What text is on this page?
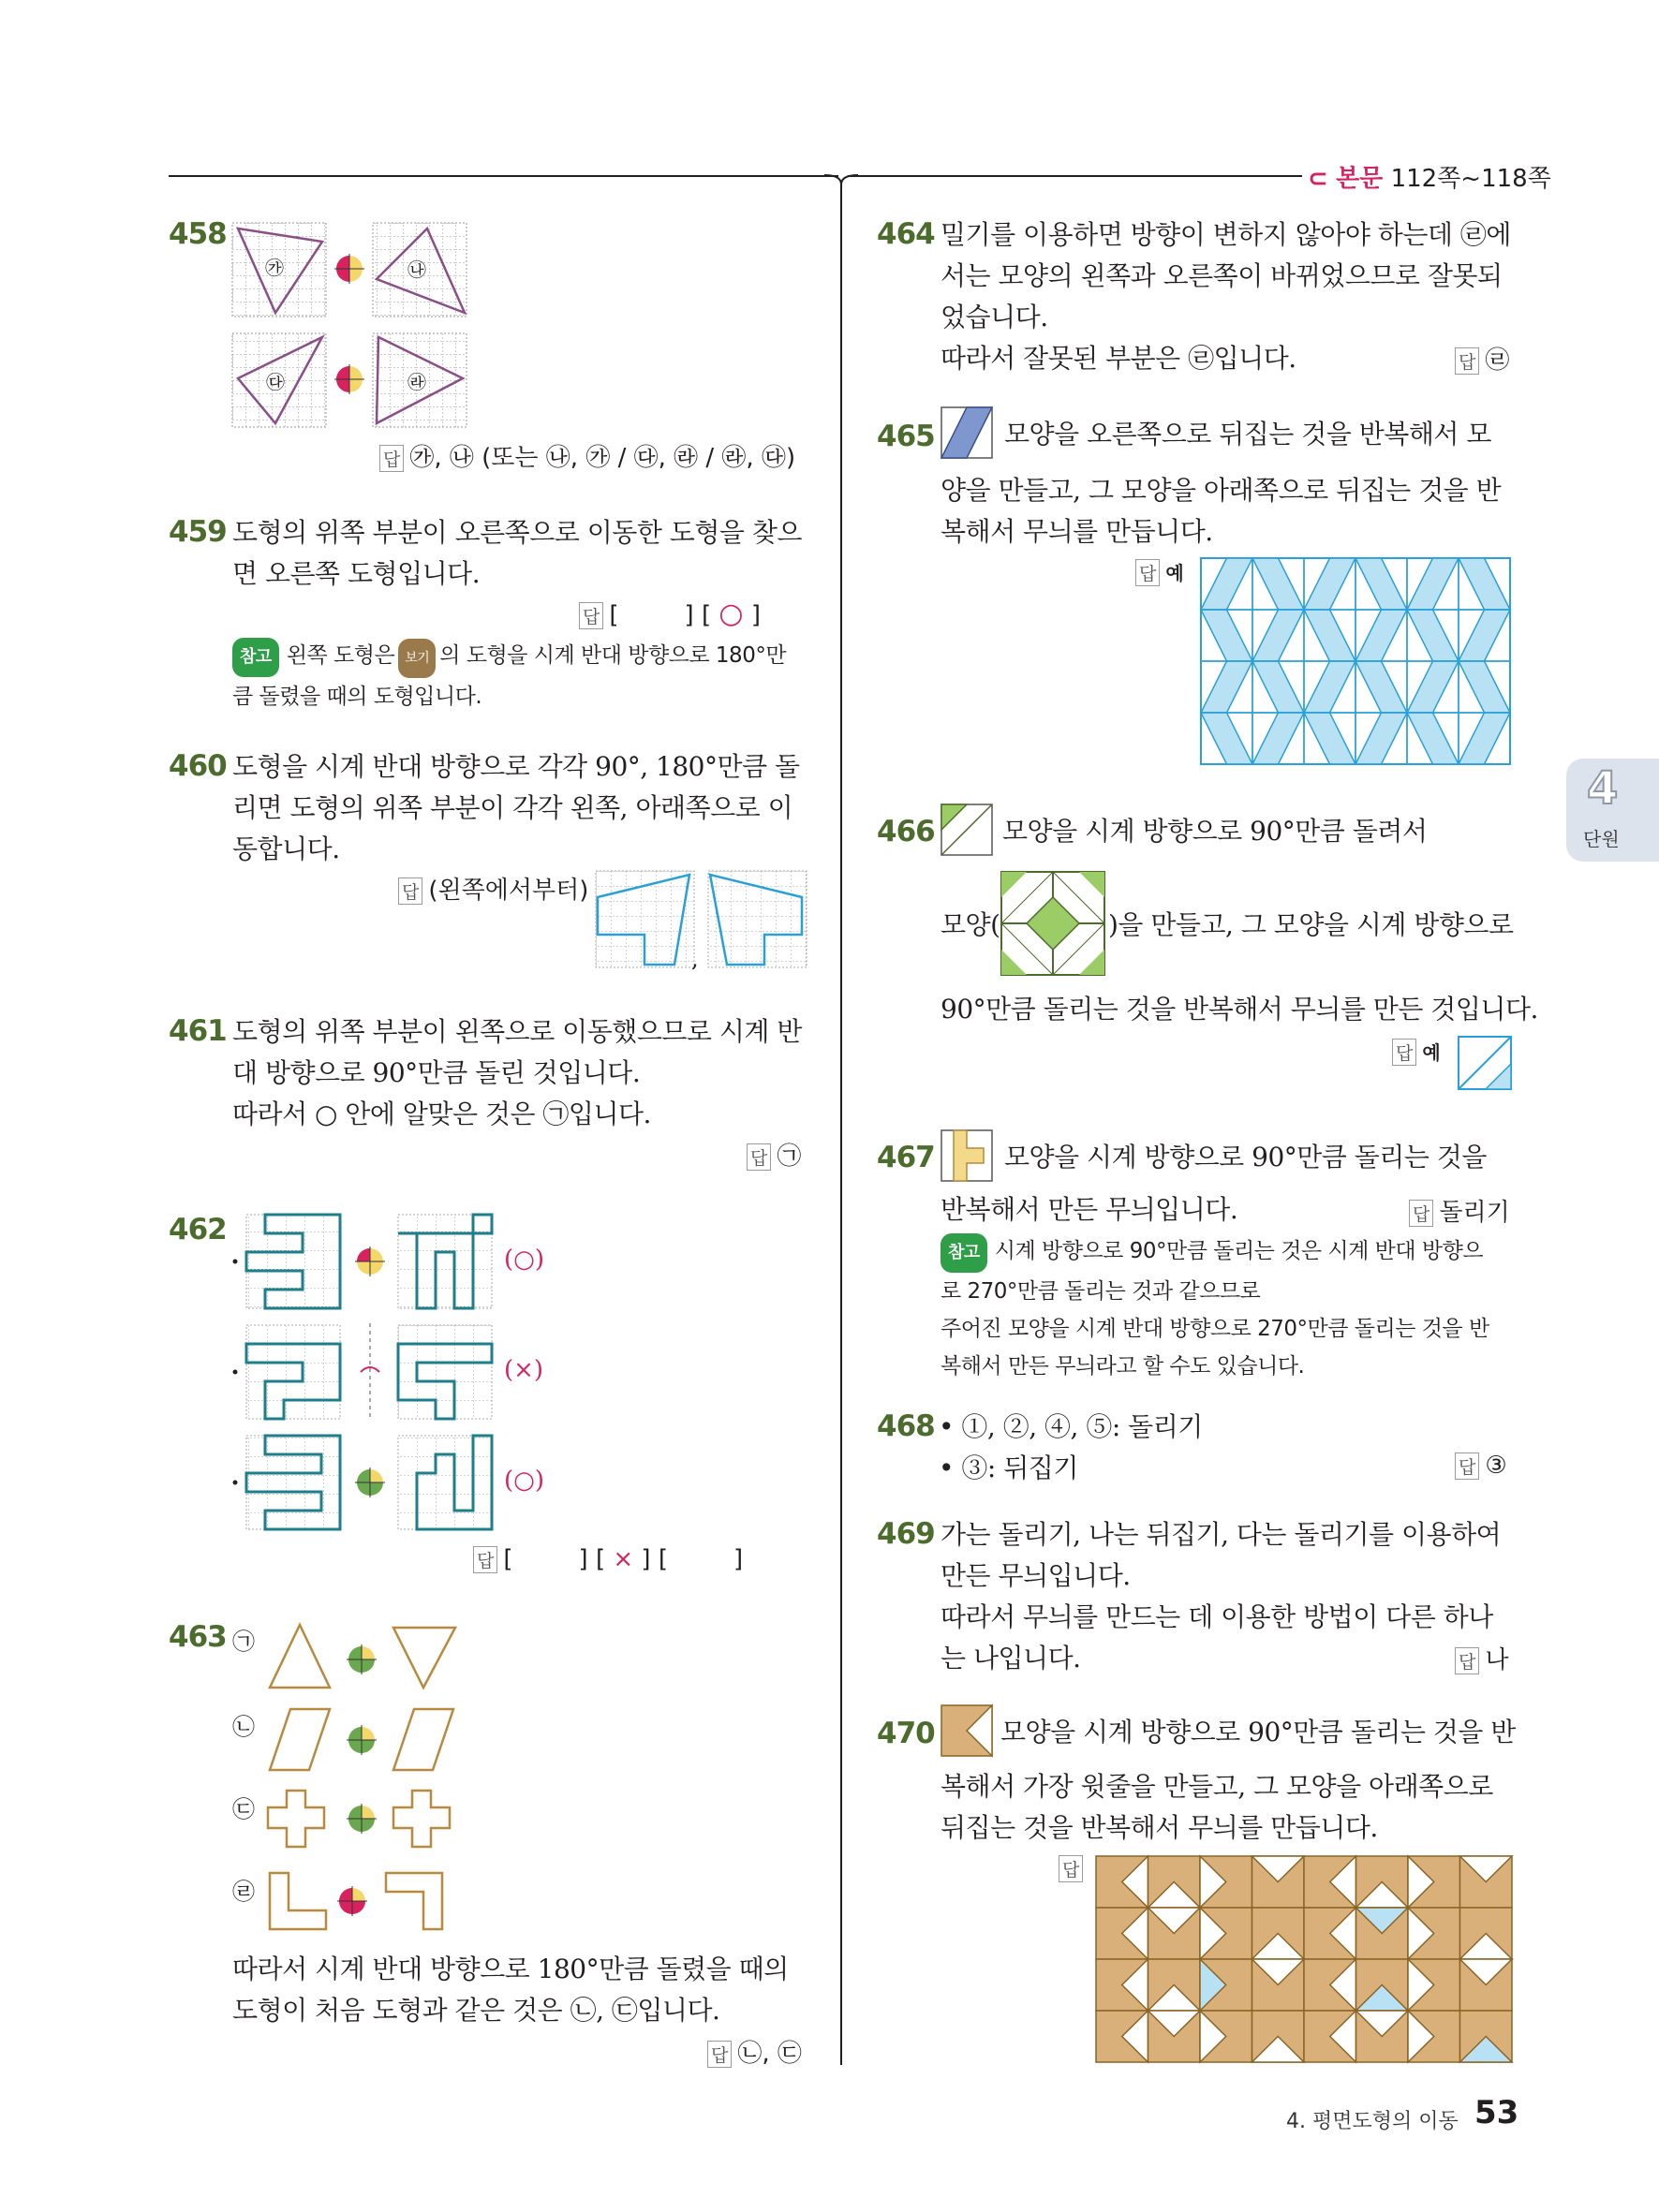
⊂ 본문 112쪽~118쪽
4
단원
458
㉮	㉯
㉰	㉱
답 ㉮, ㉯ (또는 ㉯, ㉮ / ㉰, ㉱ / ㉱, ㉰)
459 도형의 위쪽 부분이 오른쪽으로 이동한 도형을 찾으
면 오른쪽 도형입니다.
답 [	] [ ○ ]
참고 왼쪽 도형은 보기 의 도형을 시계 반대 방향으로 180°만
큼 돌렸을 때의 도형입니다.
460 도형을 시계 반대 방향으로 각각 90°, 180°만큼 돌
리면 도형의 위쪽 부분이 각각 왼쪽, 아래쪽으로 이
동합니다.
답 (왼쪽에서부터)
,
461 도형의 위쪽 부분이 왼쪽으로 이동했으므로 시계 반
대 방향으로 90°만큼 돌린 것입니다.
따라서 ○ 안에 알맞은 것은 ㉠입니다.
답 ㉠
462
(○)
(×)
(○)
답 [	] [ × ] [	]
463 ㉠
㉡
㉢
㉣
따라서 시계 반대 방향으로 180°만큼 돌렸을 때의
도형이 처음 도형과 같은 것은 ㉡, ㉢입니다.
답 ㉡, ㉢
464 밀기를 이용하면 방향이 변하지 않아야 하는데 ㉣에
서는 모양의 왼쪽과 오른쪽이 바뀌었으므로 잘못되
었습니다.
따라서 잘못된 부분은 ㉣입니다.	답 ㉣
465	모양을 오른쪽으로 뒤집는 것을 반복해서 모
양을 만들고, 그 모양을 아래쪽으로 뒤집는 것을 반
복해서 무늬를 만듭니다.
답 예
466	모양을 시계 방향으로 90°만큼 돌려서
모양(	)을 만들고, 그 모양을 시계 방향으로
90°만큼 돌리는 것을 반복해서 무늬를 만든 것입니다.
답 예
467	모양을 시계 방향으로 90°만큼 돌리는 것을
반복해서 만든 무늬입니다.	답 돌리기
참고 시계 방향으로 90°만큼 돌리는 것은 시계 반대 방향으
로 270°만큼 돌리는 것과 같으므로
주어진 모양을 시계 반대 방향으로 270°만큼 돌리는 것을 반
복해서 만든 무늬라고 할 수도 있습니다.
468 • ①, ②, ④, ⑤: 돌리기
• ③: 뒤집기	답 ③
469 가는 돌리기, 나는 뒤집기, 다는 돌리기를 이용하여
만든 무늬입니다.
따라서 무늬를 만드는 데 이용한 방법이 다른 하나
는 나입니다.	답 나
470	모양을 시계 방향으로 90°만큼 돌리는 것을 반
복해서 가장 윗줄을 만들고, 그 모양을 아래쪽으로
뒤집는 것을 반복해서 무늬를 만듭니다.
답
4. 평면도형의 이동 53
